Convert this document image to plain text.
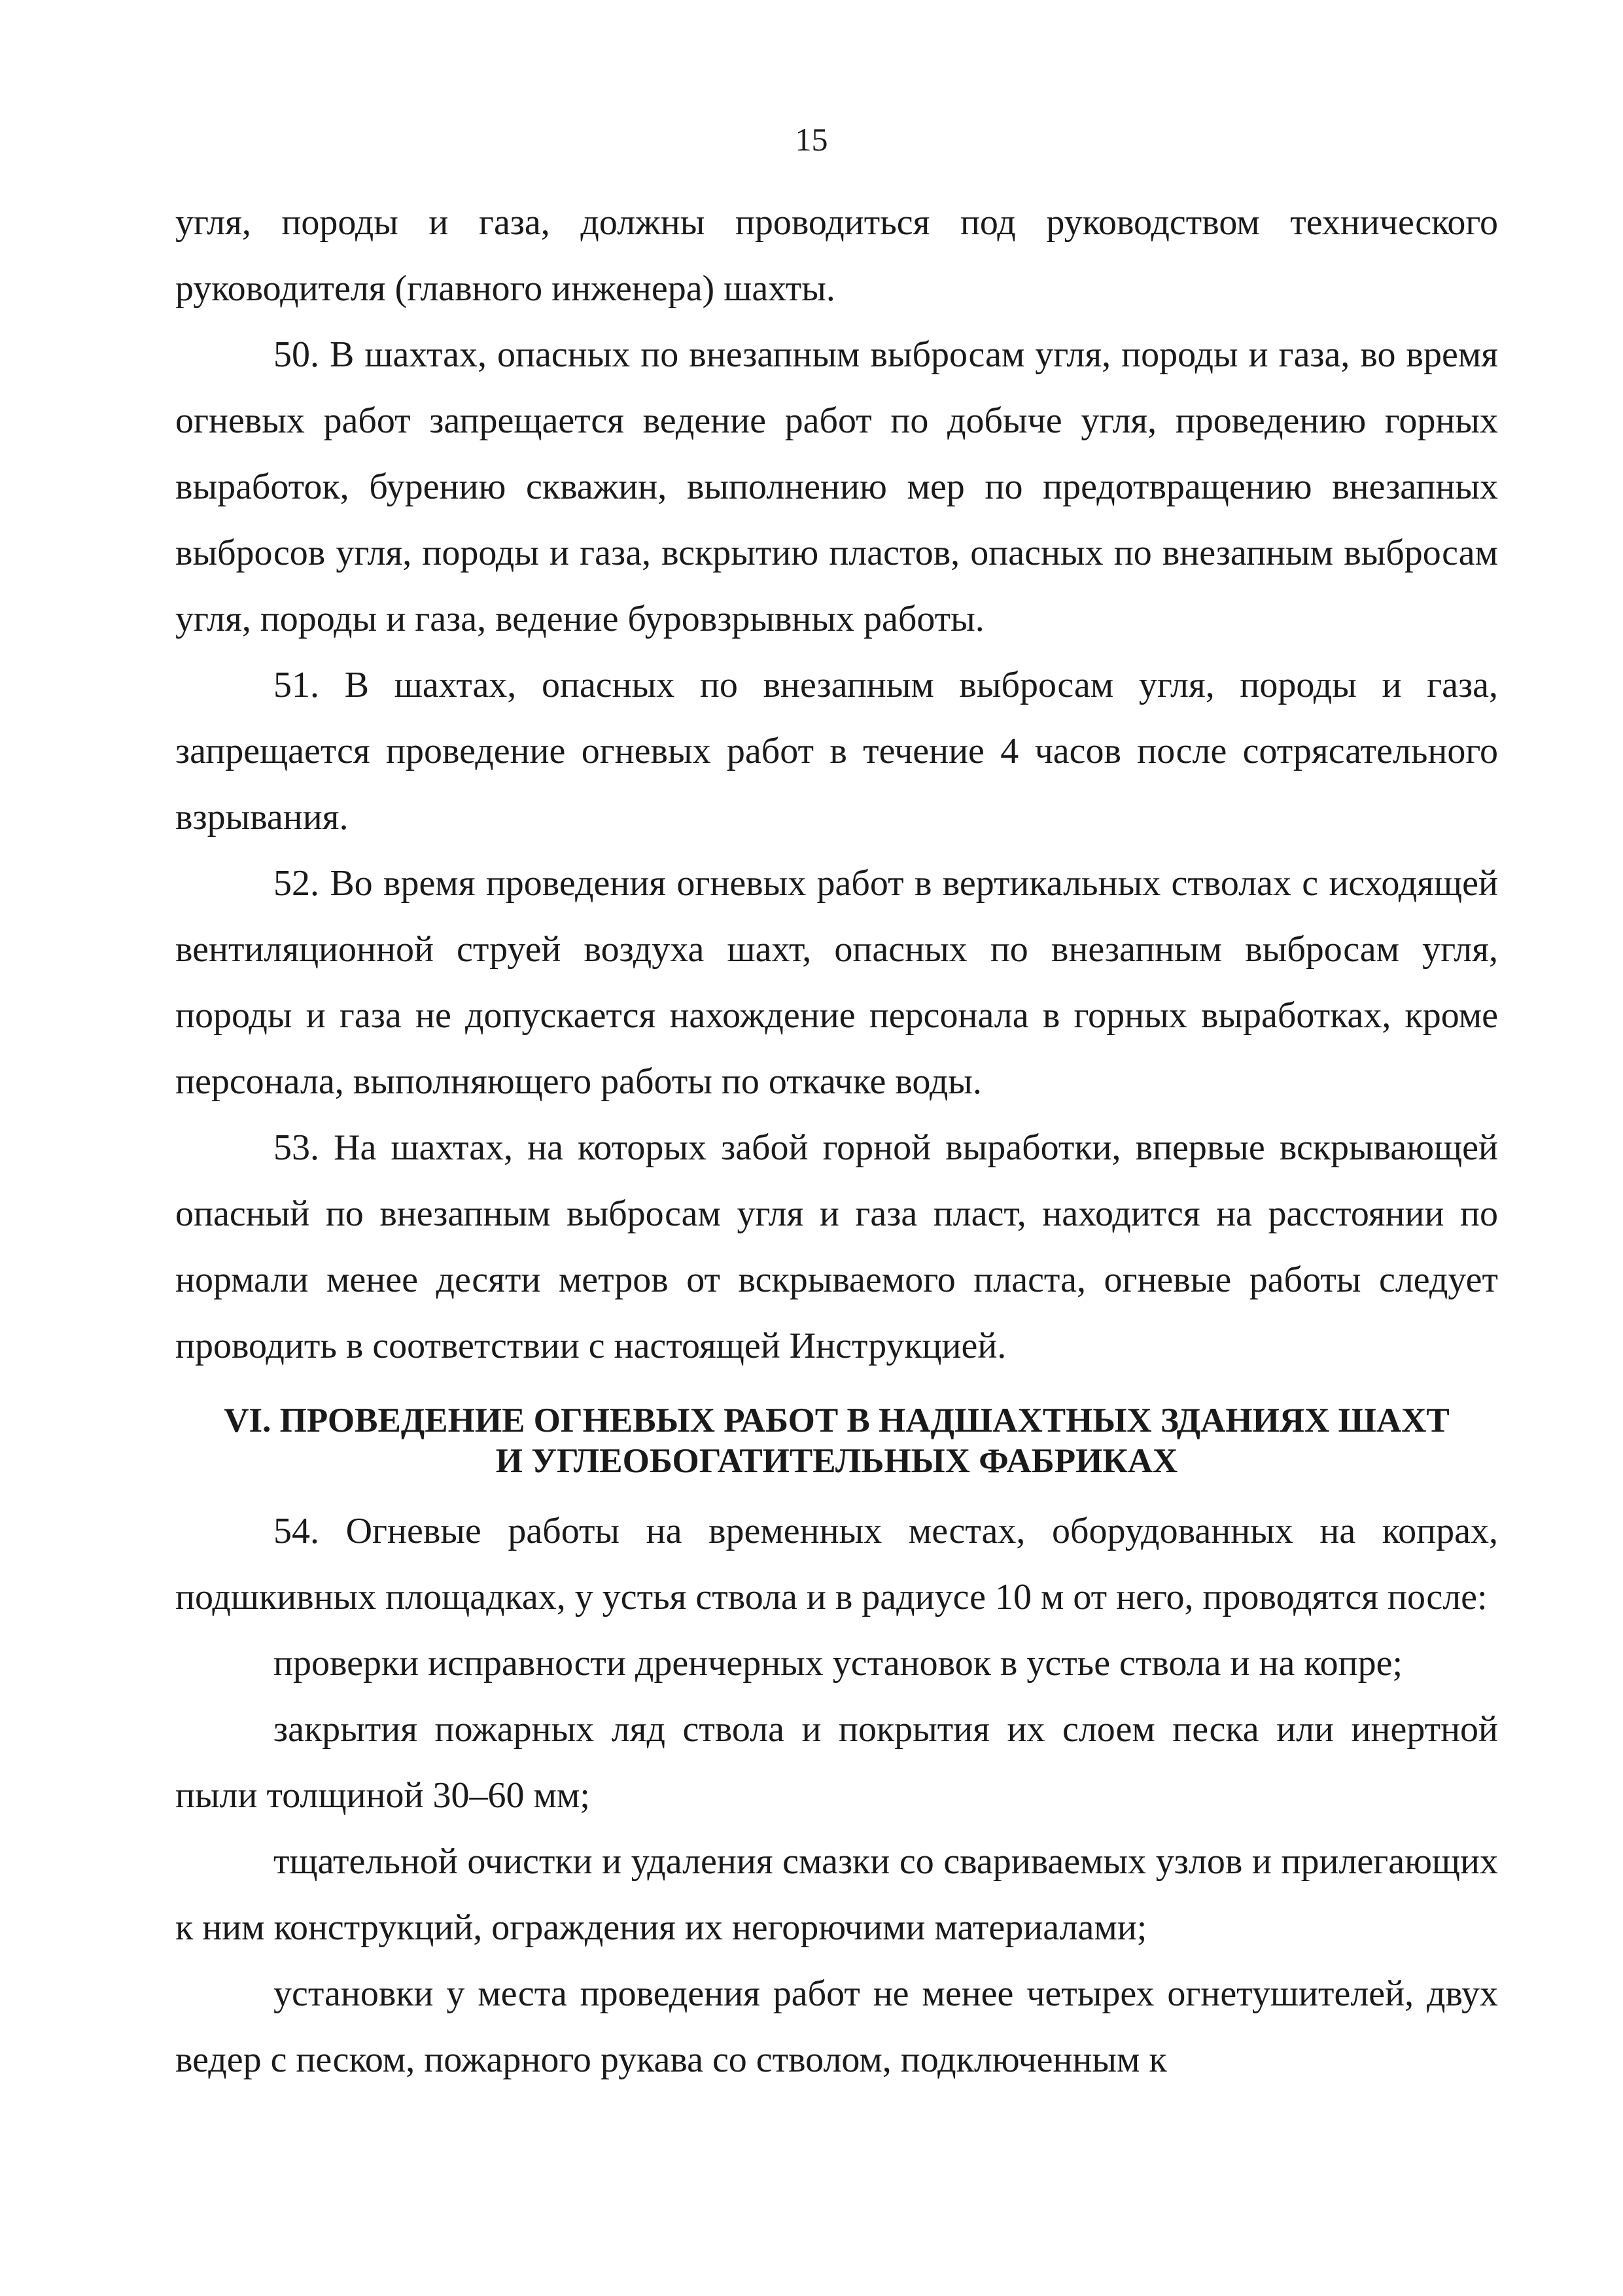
15

угля, породы и газа, должны проводиться под руководством технического руководителя (главного инженера) шахты.

50. В шахтах, опасных по внезапным выбросам угля, породы и газа, во время огневых работ запрещается ведение работ по добыче угля, проведению горных выработок, бурению скважин, выполнению мер по предотвращению внезапных выбросов угля, породы и газа, вскрытию пластов, опасных по внезапным выбросам угля, породы и газа, ведение буровзрывных работы.

51. В шахтах, опасных по внезапным выбросам угля, породы и газа, запрещается проведение огневых работ в течение 4 часов после сотрясательного взрывания.

52. Во время проведения огневых работ в вертикальных стволах с исходящей вентиляционной струей воздуха шахт, опасных по внезапным выбросам угля, породы и газа не допускается нахождение персонала в горных выработках, кроме персонала, выполняющего работы по откачке воды.

53. На шахтах, на которых забой горной выработки, впервые вскрывающей опасный по внезапным выбросам угля и газа пласт, находится на расстоянии по нормали менее десяти метров от вскрываемого пласта, огневые работы следует проводить в соответствии с настоящей Инструкцией.

VI. ПРОВЕДЕНИЕ ОГНЕВЫХ РАБОТ В НАДШАХТНЫХ ЗДАНИЯХ ШАХТ
И УГЛЕОБОГАТИТЕЛЬНЫХ ФАБРИКАХ

54. Огневые работы на временных местах, оборудованных на копрах, подшкивных площадках, у устья ствола и в радиусе 10 м от него, проводятся после:

проверки исправности дренчерных установок в устье ствола и на копре;

закрытия пожарных ляд ствола и покрытия их слоем песка или инертной пыли толщиной 30–60 мм;

тщательной очистки и удаления смазки со свариваемых узлов и прилегающих к ним конструкций, ограждения их негорючими материалами;

установки у места проведения работ не менее четырех огнетушителей, двух ведер с песком, пожарного рукава со стволом, подключенным к
